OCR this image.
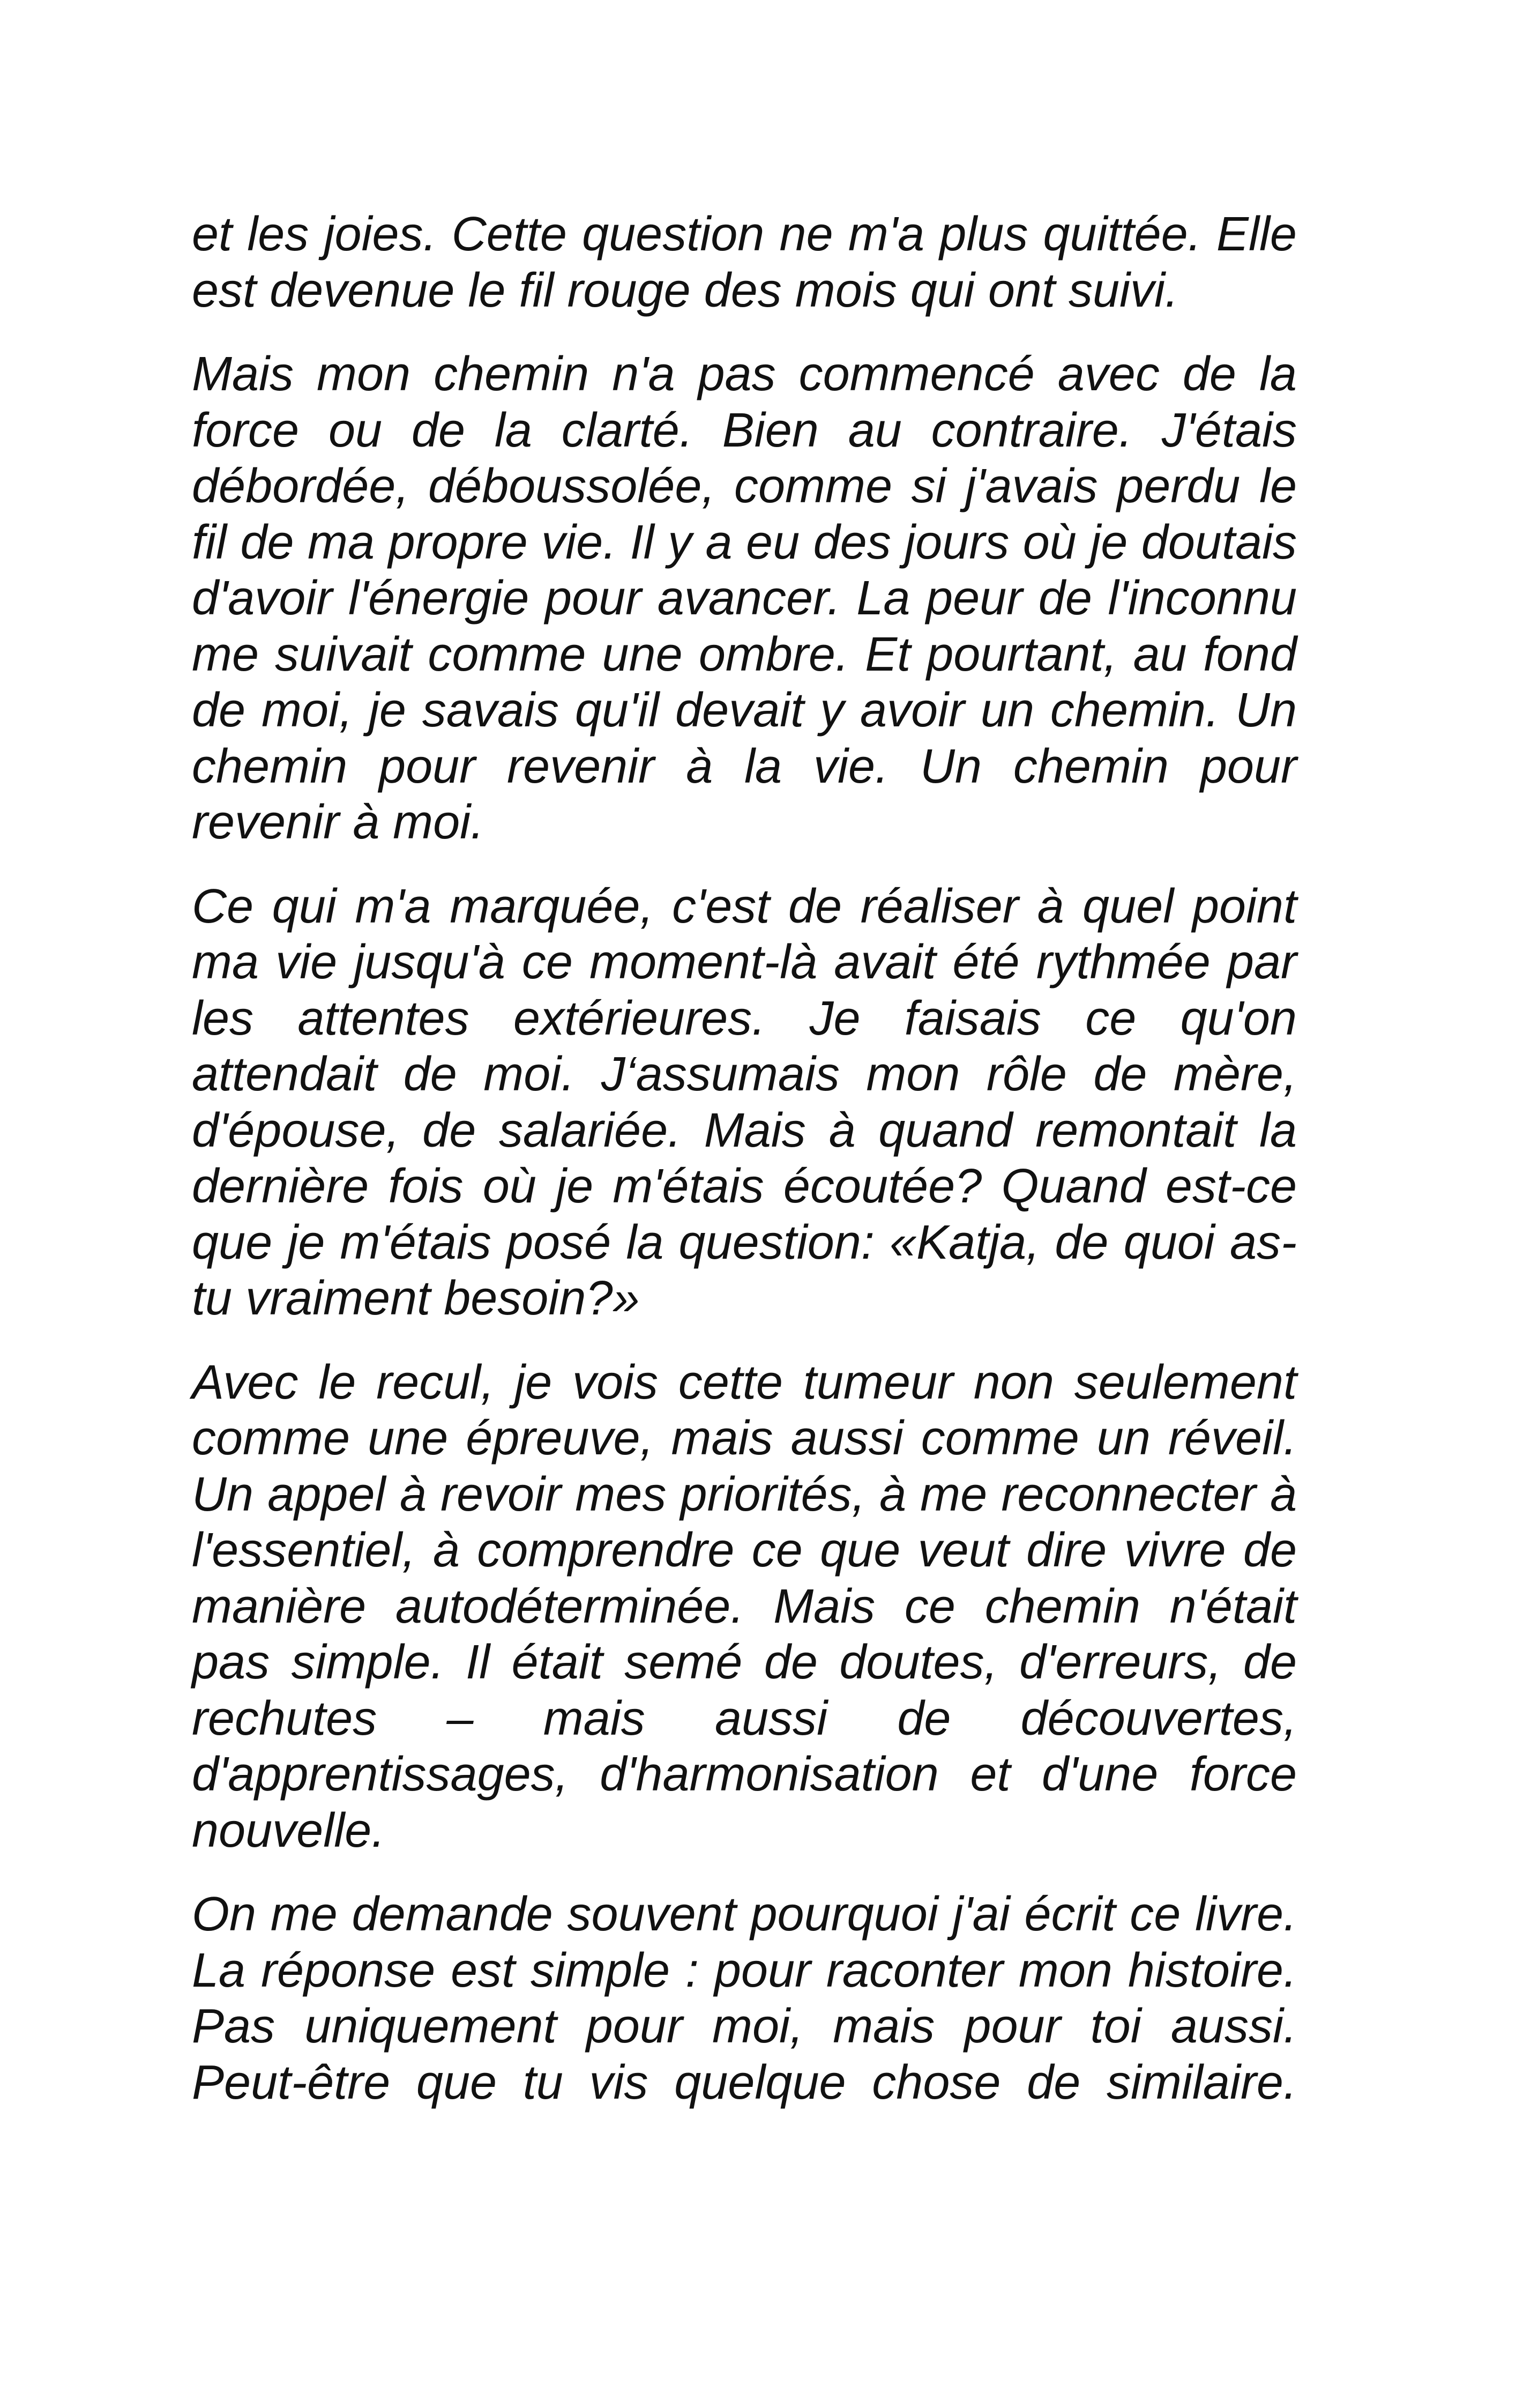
et les joies. Cette question ne m'a plus quittée. Elle est devenue le fil rouge des mois qui ont suivi.

Mais mon chemin n'a pas commencé avec de la force ou de la clarté. Bien au contraire. J'étais débordée, déboussolée, comme si j'avais perdu le fil de ma propre vie. Il y a eu des jours où je doutais d'avoir l'énergie pour avancer. La peur de l'inconnu me suivait comme une ombre. Et pourtant, au fond de moi, je savais qu'il devait y avoir un chemin. Un chemin pour revenir à la vie. Un chemin pour revenir à moi.

Ce qui m'a marquée, c'est de réaliser à quel point ma vie jusqu'à ce moment-là avait été rythmée par les attentes extérieures. Je faisais ce qu'on attendait de moi. J‘assumais mon rôle de mère, d'épouse, de salariée. Mais à quand remontait la dernière fois où je m'étais écoutée? Quand est-ce que je m'étais posé la question: «Katja, de quoi as-tu vraiment besoin?»

Avec le recul, je vois cette tumeur non seulement comme une épreuve, mais aussi comme un réveil. Un appel à revoir mes priorités, à me reconnecter à l'essentiel, à comprendre ce que veut dire vivre de manière autodéterminée. Mais ce chemin n'était pas simple. Il était semé de doutes, d'erreurs, de rechutes – mais aussi de découvertes, d'apprentissages, d'harmonisation et d'une force nouvelle.

On me demande souvent pourquoi j'ai écrit ce livre. La réponse est simple : pour raconter mon histoire. Pas uniquement pour moi, mais pour toi aussi. Peut-être que tu vis quelque chose de similaire.
